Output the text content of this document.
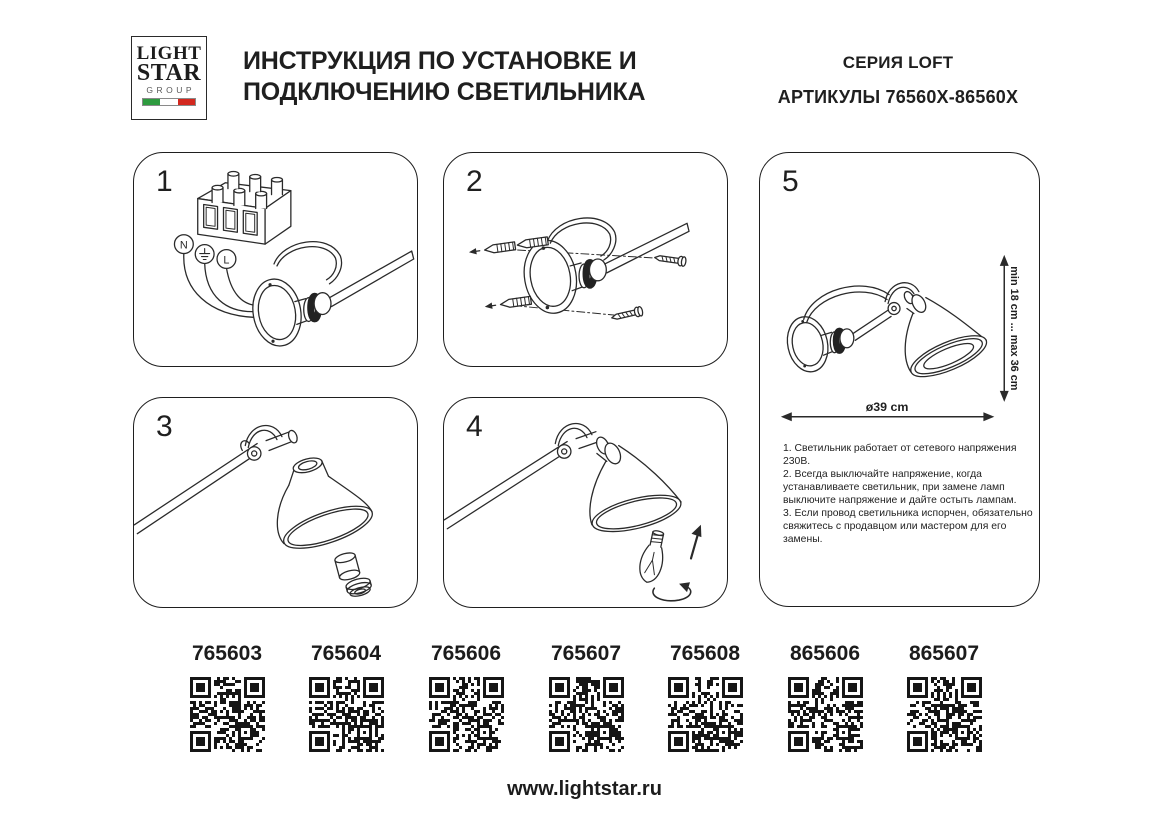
LIGHT
STAR
GROUP
ИНСТРУКЦИЯ ПО УСТАНОВКЕ И
ПОДКЛЮЧЕНИЮ СВЕТИЛЬНИКА
СЕРИЯ LOFT
АРТИКУЛЫ 76560X-86560X
1
N
L
2
3	4
5
ø39 cm
min 18 cm ... max 36 cm
1. Светильник работает от сетевого напряжения 230В.
2. Всегда выключайте напряжение, когда устанавливаете светильник, при замене ламп выключите напряжение и дайте остыть лампам.
3. Если провод светильника испорчен, обязательно свяжитесь с продавцом или мастером для его замены.
765603	765604	765606	765607	765608	865606	865607
www.lightstar.ru
